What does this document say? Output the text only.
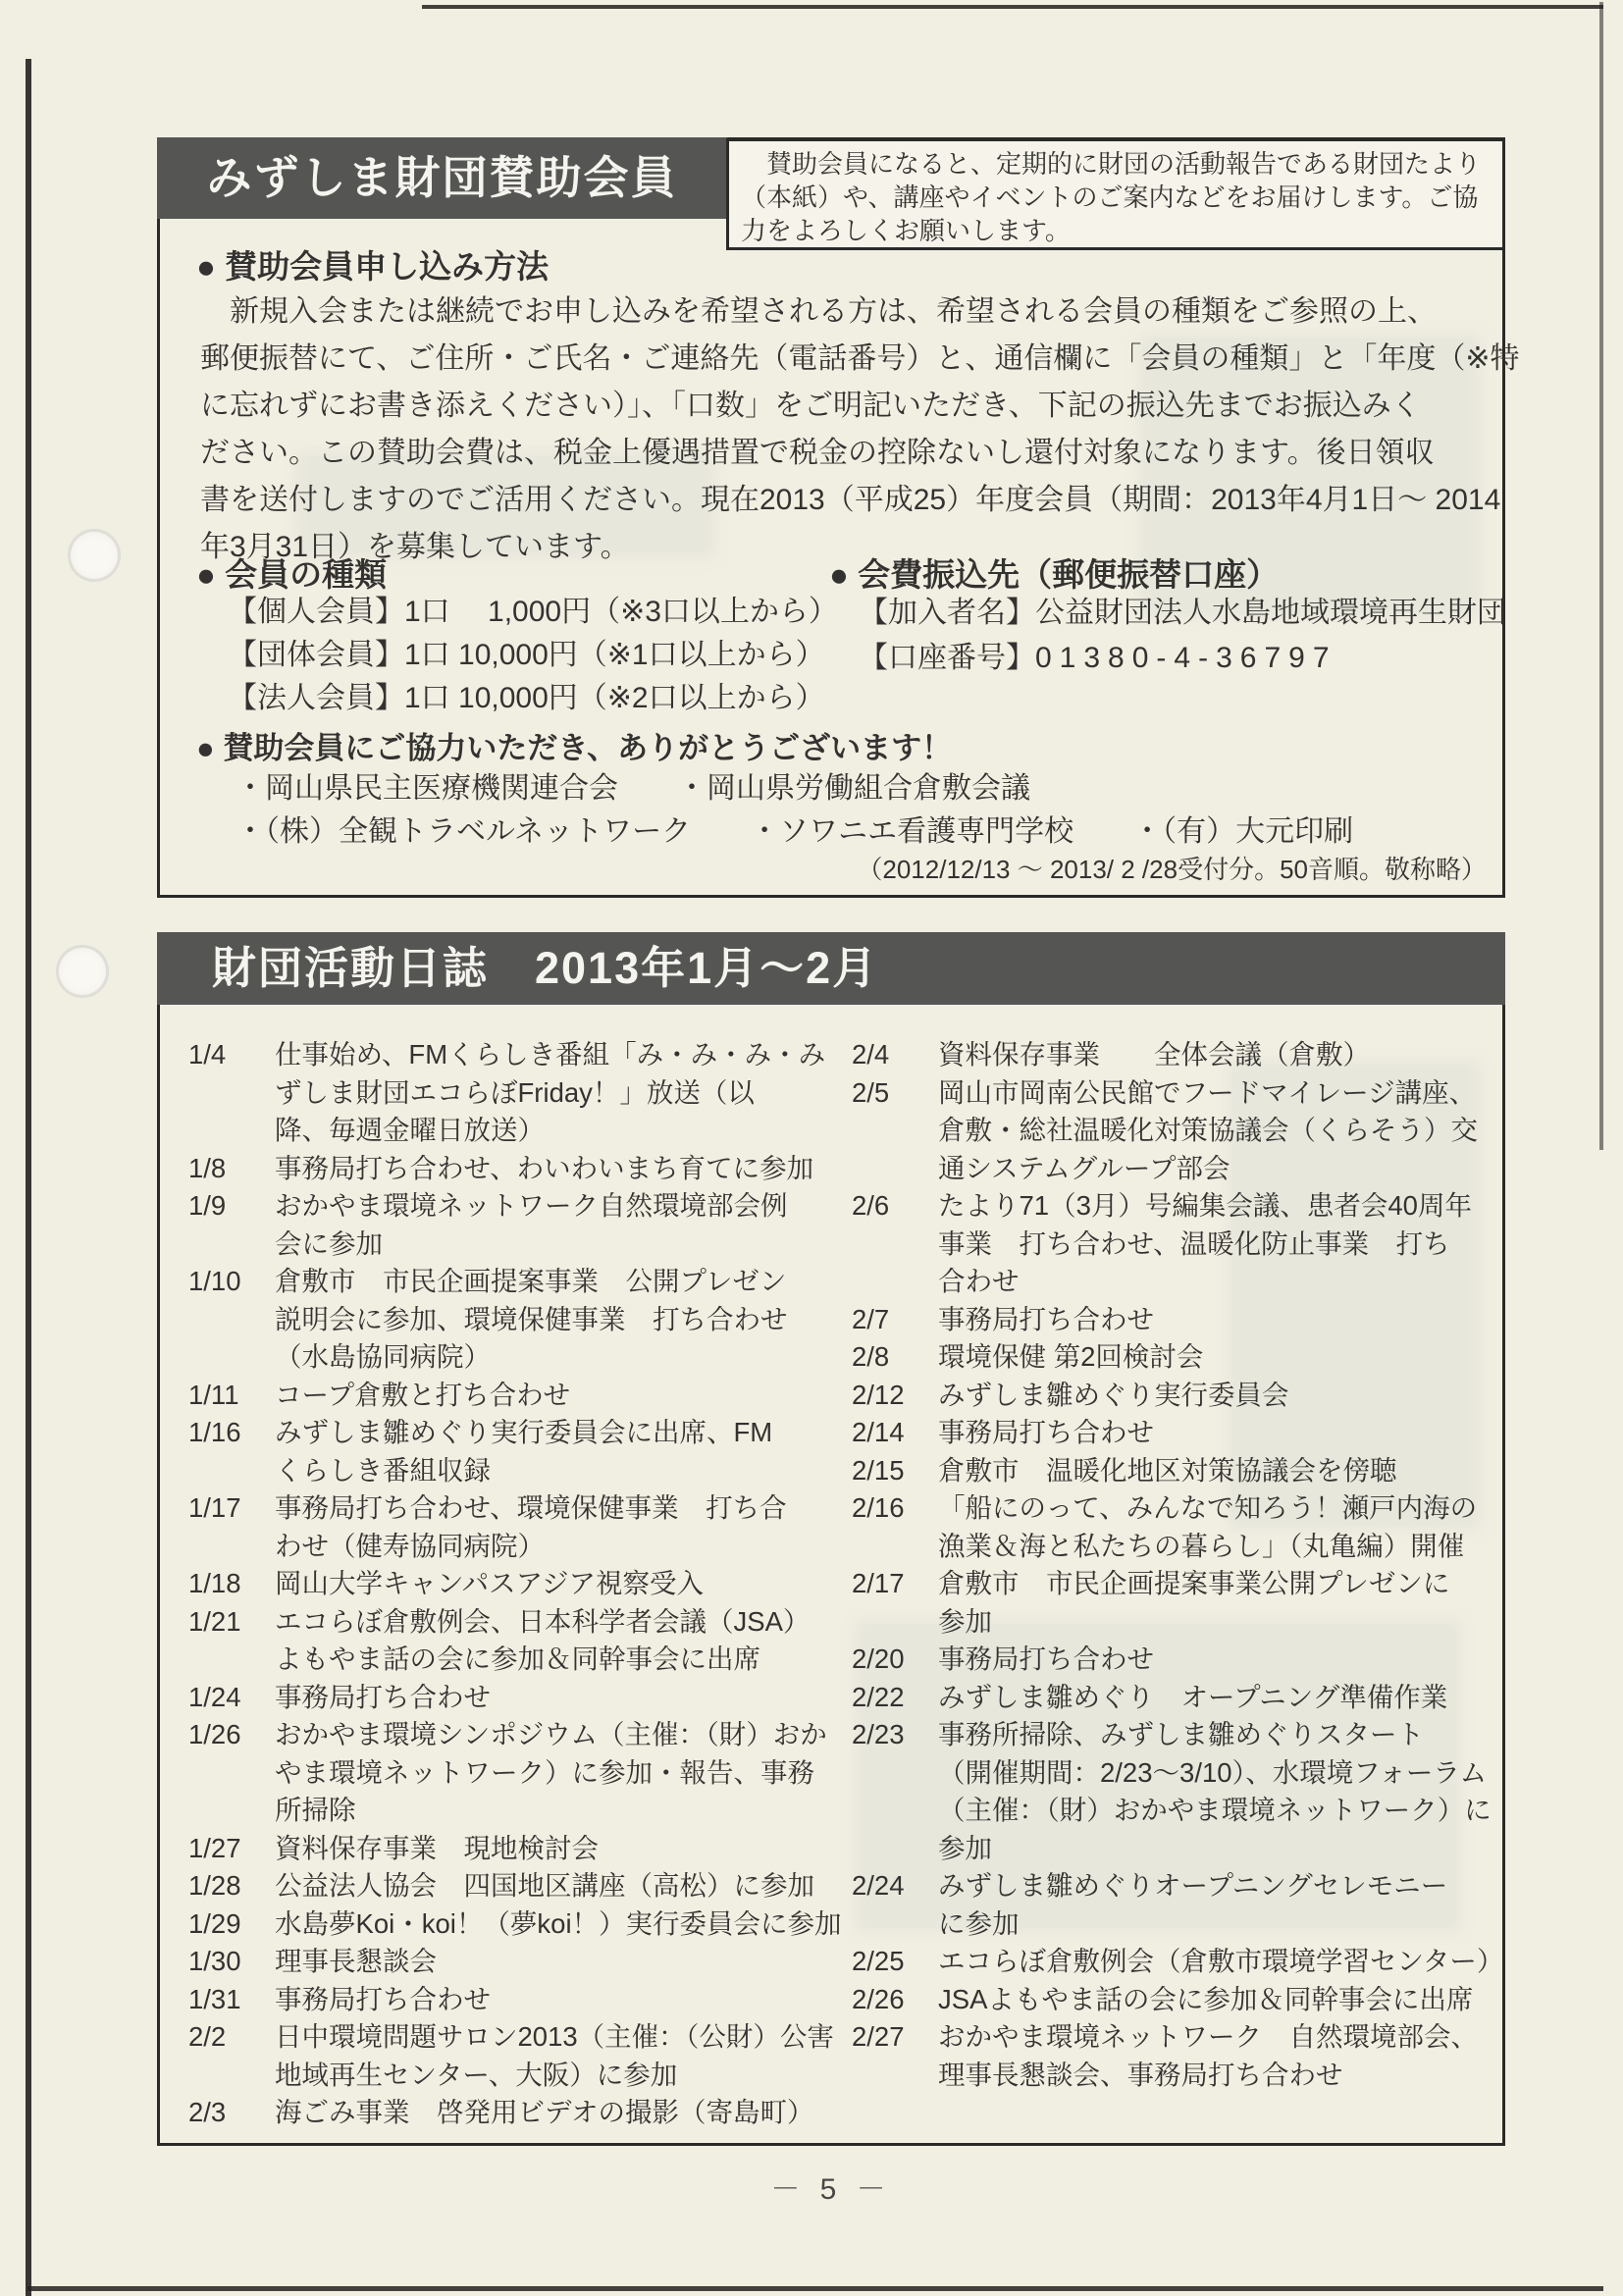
みずしま財団賛助会員	　賛助会員になると、定期的に財団の活動報告である財団たより
（本紙）や、講座やイベントのご案内などをお届けします。ご協
力をよろしくお願いします。
● 賛助会員申し込み方法
　新規入会または継続でお申し込みを希望される方は、希望される会員の種類をご参照の上、
郵便振替にて、ご住所・ご氏名・ご連絡先（電話番号）と、通信欄に「会員の種類」と「年度（※特
に忘れずにお書き添えください）」、「口数」をご明記いただき、下記の振込先までお振込みく
ださい。この賛助会費は、税金上優遇措置で税金の控除ないし還付対象になります。後日領収
書を送付しますのでご活用ください。現在2013（平成25）年度会員（期間：2013年4月1日～ 2014
年3月31日）を募集しています。
● 会員の種類
【個人会員】1口　 1,000円（※3口以上から）
【団体会員】1口 10,000円（※1口以上から）
【法人会員】1口 10,000円（※2口以上から）
● 会費振込先（郵便振替口座）
【加入者名】公益財団法人水島地域環境再生財団
【口座番号】01380-4-36797
● 賛助会員にご協力いただき、ありがとうございます！
・岡山県民主医療機関連合会　　・岡山県労働組合倉敷会議
・（株）全観トラベルネットワーク　　・ソワニエ看護専門学校　　・（有）大元印刷
（2012/12/13 ～ 2013/ 2 /28受付分。50音順。敬称略）
財団活動日誌　2013年1月～2月
1/4	仕事始め、FMくらしき番組「み・み・み・み
ずしま財団エコらぼFriday！」放送（以
降、毎週金曜日放送）
1/8	事務局打ち合わせ、わいわいまち育てに参加
1/9	おかやま環境ネットワーク自然環境部会例
会に参加
1/10	倉敷市　市民企画提案事業　公開プレゼン
説明会に参加、環境保健事業　打ち合わせ
（水島協同病院）
1/11	コープ倉敷と打ち合わせ
1/16	みずしま雛めぐり実行委員会に出席、FM
くらしき番組収録
1/17	事務局打ち合わせ、環境保健事業　打ち合
わせ（健寿協同病院）
1/18	岡山大学キャンパスアジア視察受入
1/21	エコらぼ倉敷例会、日本科学者会議（JSA）
よもやま話の会に参加＆同幹事会に出席
1/24	事務局打ち合わせ
1/26	おかやま環境シンポジウム（主催：（財）おか
やま環境ネットワーク）に参加・報告、事務
所掃除
1/27	資料保存事業　現地検討会
1/28	公益法人協会　四国地区講座（高松）に参加
1/29	水島夢Koi・koi！（夢koi！）実行委員会に参加
1/30	理事長懇談会
1/31	事務局打ち合わせ
2/2	日中環境問題サロン2013（主催：（公財）公害
地域再生センター、大阪）に参加
2/3	海ごみ事業　啓発用ビデオの撮影（寄島町）
2/4	資料保存事業　　全体会議（倉敷）
2/5	岡山市岡南公民館でフードマイレージ講座、
倉敷・総社温暖化対策協議会（くらそう）交
通システムグループ部会
2/6	たより71（3月）号編集会議、患者会40周年
事業　打ち合わせ、温暖化防止事業　打ち
合わせ
2/7	事務局打ち合わせ
2/8	環境保健 第2回検討会
2/12	みずしま雛めぐり実行委員会
2/14	事務局打ち合わせ
2/15	倉敷市　温暖化地区対策協議会を傍聴
2/16	「船にのって、みんなで知ろう！瀬戸内海の
漁業＆海と私たちの暮らし」（丸亀編）開催
2/17	倉敷市　市民企画提案事業公開プレゼンに
参加
2/20	事務局打ち合わせ
2/22	みずしま雛めぐり　オープニング準備作業
2/23	事務所掃除、みずしま雛めぐりスタート
（開催期間：2/23～3/10）、水環境フォーラム
（主催：（財）おかやま環境ネットワーク）に
参加
2/24	みずしま雛めぐりオープニングセレモニー
に参加
2/25	エコらぼ倉敷例会（倉敷市環境学習センター）
2/26	JSAよもやま話の会に参加＆同幹事会に出席
2/27	おかやま環境ネットワーク　自然環境部会、
理事長懇談会、事務局打ち合わせ
－ 5 －
